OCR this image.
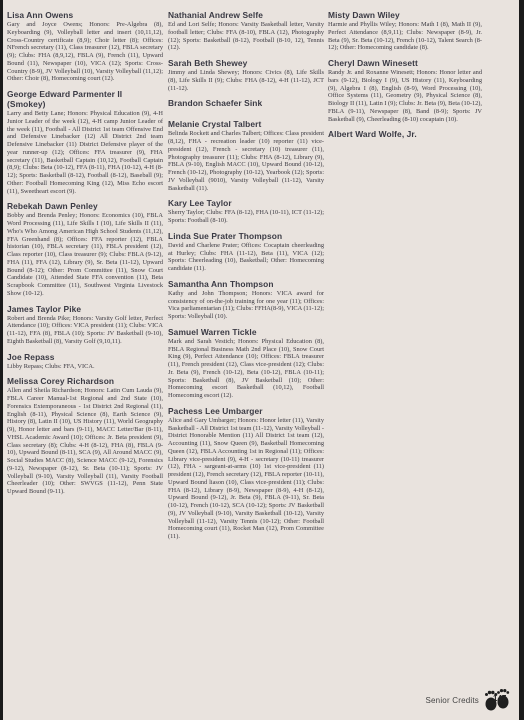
Lisa Ann Owens

Gary and Joyce Owens; Honors: Pre-Algebra (8), Keyboarding (9), Volleyball letter and insert (10,11,12), Cross-Country certificate (8,9); Choir letter (8); Offices: NFrench secretary (11), Class treasurer (12), FBLA secretary (9); Clubs: FHA (8,9,12), FBLA (9), French (11), Upward Bound (11), Newspaper (10), VICA (12); Sports: Cross-Country (8-9), JV Volleyball (10), Varsity Volleyball (11,12); Other: Choir (8), Homecoming court (12).

George Edward Parmenter II (Smokey)

Larry and Betty Lane; Honors: Physical Education (9), 4-H Junior Leader of the week (12), 4-H camp Junior Leader of the week (11), Football - All District 1st team Offensive End and Defensive Linebacker (12) All District 2nd team Defensive Linebacker (11) District Defensive player of the year runner-up (12); Offices: FFA treasurer (9), FHA secretary (11), Basketball Captain (10,12), Football Captain (8,9); Clubs: Beta (10-12), FFA (8-11), FHA (10-12), 4-H (8-12); Sports: Basketball (8-12), Football (8-12), Baseball (9); Other: Football Homecoming King (12), Miss Echo escort (11), Sweetheart escort (9).

Rebekah Dawn Penley

Bobby and Brenda Penley; Honors: Economics (10), FBLA Word Processing (11), Life Skills I (10), Life Skills II (11), Who's Who Among American High School Students (11,12), FFA Greenhand (8); Offices: FFA reporter (12), FBLA historian (10), FBLA secretary (11), FBLA president (12), Class reporter (10), Class treasurer (9); Clubs: FBLA (9-12), FHA (11), FFA (12), Library (9), Sr. Beta (11-12), Upward Bound (8-12); Other: Prom Committee (11), Snow Court Candidate (10), Attended State FFA convention (11), Beta Scrapbook Committee (11), Southwest Virginia Livestock Show (10-12).

James Taylor Pike

Robert and Brenda Pike; Honors: Varsity Golf letter, Perfect Attendance (10); Offices: VICA president (11); Clubs: VICA (11-12), FFA (8), FBLA (10); Sports: JV Basketball (9-10), Eighth Basketball (8), Varsity Golf (9,10,11).

Joe Repass

Libby Repass; Clubs: FFA, VICA.

Melissa Corey Richardson

Allen and Sheila Richardson; Honors: Latin Cum Lauda (9), FBLA Career Manual-1st Regional and 2nd State (10), Forensics Extemporaneous - 1st District 2nd Regional (11), English (8-11), Physical Science (8), Earth Science (9), History (8), Latin II (10), US History (11), World Geography (9), Honor letter and bars (9-11), MACC Letter/Bar (8-11), VHSL Academic Award (10); Offices: Jr. Beta president (9), Class secretary (8); Clubs: 4-H (8-12), FHA (8), FBLA (9-10), Upward Bound (8-11), SCA (9), All Around MACC (9), Social Studies MACC (8), Science MACC (9-12), Forensics (9-12), Newspaper (8-12), Sr. Beta (10-11); Sports: JV Volleyball (9-10), Varsity Volleyball (11), Varsity Football Cheerleader (10); Other: SWVGS (11-12), Penn State Upward Bound (9-11).

Nathanial Andrew Selfe

Ed and Lori Selfe; Honors: Varsity Basketball letter, Varsity football letter; Clubs: FFA (8-10), FBLA (12), Photography (12); Sports: Basketball (8-12), Football (8-10, 12), Tennis (12).

Sarah Beth Shewey

Jimmy and Linda Shewey; Honors: Civics (8), Life Skills (8), Life Skills II (9); Clubs: FHA (8-12), 4-H (11-12), JCT (11-12).

Brandon Schaefer Sink

Melanie Crystal Talbert

Belinda Rockett and Charles Talbert; Offices: Class president (8,12), FHA - recreation leader (10) reporter (11) vice-president (12), French - secretary (10) treasurer (11), Photography treasurer (11); Clubs: FHA (8-12), Library (9), FBLA (9-10), English MACC (10), Upward Bound (10-12), French (10-12), Photography (10-12), Yearbook (12); Sports: JV Volleyball (9010), Varsity Volleyball (11-12), Varsity Basketball (11).

Kary Lee Taylor

Sherry Taylor; Clubs: FFA (8-12), FHA (10-11), ICT (11-12); Sports: Football (8-10).

Linda Sue Prater Thompson

David and Charlene Prater; Offices: Cocaptain cheerleading at Hurley; Clubs: FHA (11-12), Beta (11), VICA (12); Sports: Cheerleading (10), Basketball; Other: Homecoming candidate (11).

Samantha Ann Thompson

Kathy and John Thompson; Honors: VICA award for consistency of on-the-job training for one year (11); Offices: Vica parliamentarian (11); Clubs: FFHA(8-9), VICA (11-12); Sports: Volleyball (10).

Samuel Warren Tickle

Mark and Sarah Vestich; Honors: Physical Education (8), FBLA Regional Business Math 2nd Place (10), Snow Court King (9), Perfect Attendance (10); Offices: FBLA treasurer (11), French president (12), Class vice-president (12); Clubs: Jr. Beta (9), French (10-12), Beta (10-12), FBLA (10-11); Sports: Basketball (8), JV Basketball (10); Other: Homecoming escort Basketball (10,12), Football Homecoming escort (12).

Pachess Lee Umbarger

Alice and Gary Umbarger; Honors: Honor letter (11), Varsity Basketball - All District 1st team (11-12), Varsity Volleyball - District Honorable Mention (11) All District 1st team (12), Accounting (11), Snow Queen (9), Basketball Homecoming Queen (12), FBLA Accounting 1st in Regional (11); Offices: Library vice-president (9), 4-H - secretary (10-11) treasurer (12), FHA - sargeant-at-arms (10) 1st vice-president (11) president (12), French secretary (12), FBLA reporter (10-11), Upward Bound liason (10), Class vice-president (11); Clubs: FHA (8-12), Library (8-9), Newspaper (8-9), 4-H (8-12), Upward Bound (9-12), Jr. Beta (9), FBLA (9-11), Sr. Beta (10-12), French (10-12), SCA (10-12); Sports: JV Basketball (9), JV Volleyball (9-10), Varsity Basketball (10-12), Varsity Volleyball (11-12), Varsity Tennis (10-12); Other: Football Homecoming court (11), Rocket Man (12), Prom Committee (11).

Misty Dawn Wiley

Harmie and Phyllis Wiley; Honors: Math I (8), Math II (9), Perfect Attendance (8,9,11); Clubs: Newspaper (8-9), Jr. Beta (9), Sr. Beta (10-12), French (10-12), Talent Search (8-12); Other: Homecoming candidate (8).

Cheryl Dawn Winesett

Randy Jr. and Roxanne Winesett; Honors: Honor letter and bars (9-12), Biology I (9), US History (11), Keyboarding (9), Algebra I (8), English (8-9), Word Processing (10), Office Systems (11), Geometry (9), Physical Science (8), Biology II (11), Latin I (9); Clubs: Jr. Beta (9), Beta (10-12), FBLA (9-11), Newspaper (8), Band (8-9); Sports: JV Basketball (9), Cheerleading (8-10) cocaptain (10).

Albert Ward Wolfe, Jr.

Senior Credits 147
